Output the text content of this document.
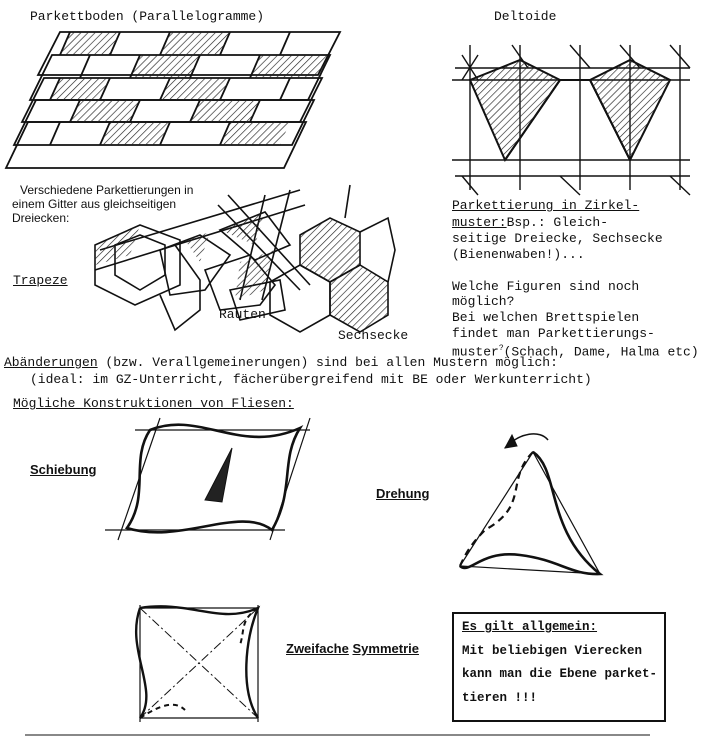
Parkettboden (Parallelogramme)	Deltoide
Verschiedene Parkettierungen in
einem Gitter aus gleichseitigen
Dreiecken:
Trapeze
Rauten
Sechsecke
Parkettierung in Zirkel-
muster:Bsp.: Gleich-
seitige Dreiecke, Sechsecke
(Bienenwaben!)...
Welche Figuren sind noch
möglich?
Bei welchen Brettspielen
findet man Parkettierungs-
muster?(Schach, Dame, Halma etc)
Abänderungen (bzw. Verallgemeinerungen) sind bei allen Mustern möglich:
(ideal: im GZ-Unterricht, fächerübergreifend mit BE oder Werkunterricht)
Mögliche Konstruktionen von Fliesen:
Schiebung
Drehung
Zweifache Symmetrie
Es gilt allgemein:
Mit beliebigen Vierecken
kann man die Ebene parket-
tieren !!!
